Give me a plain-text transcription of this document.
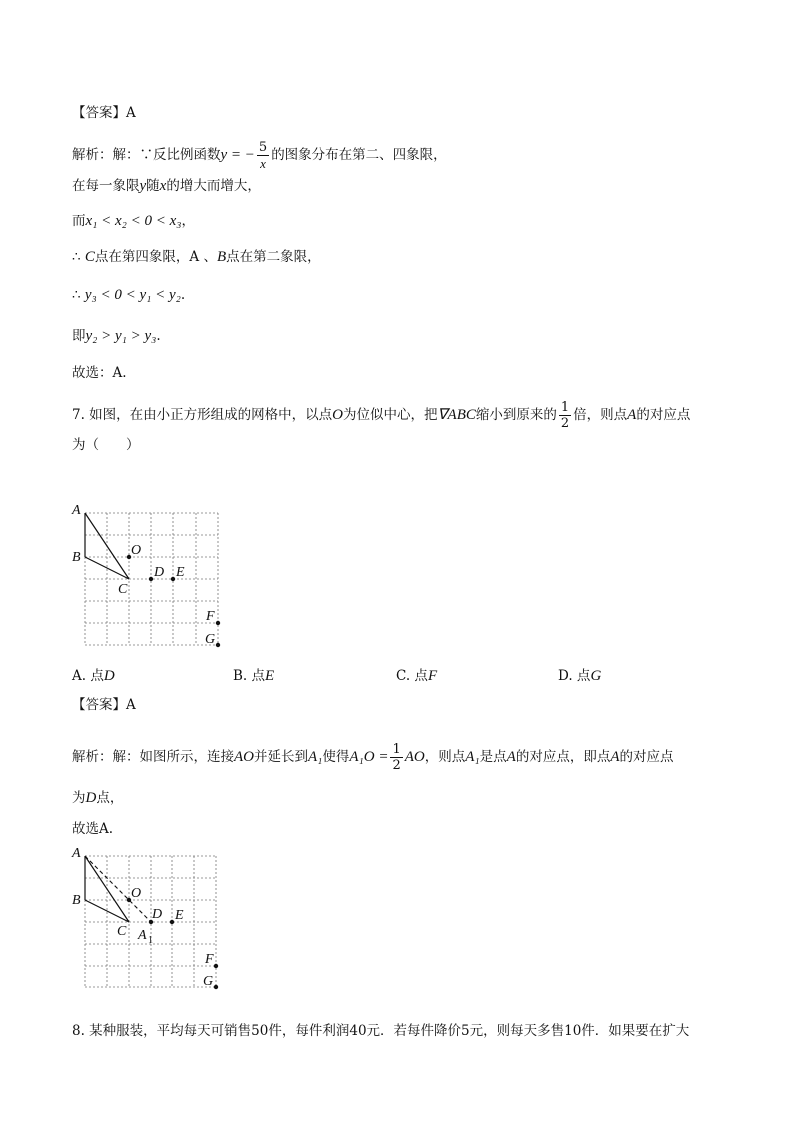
【答案】A
解析：解：∵反比例函数y = − $\frac{5}{x}$ 的图象分布在第二、四象限，
在每一象限y随x的增大而增大，
而x₁ < x₂ < 0 < x₃，
∴ C点在第四象限，A 、B点在第二象限，
∴ y₃ < 0 < y₁ < y₂.
即y₂ > y₁ > y₃.
故选：A.
7. 如图，在由小正方形组成的网格中，以点O为位似中心，把∇ABC缩小到原来的 $\frac{1}{2}$ 倍，则点A的对应点
为（　　）
A
B
C
O
D E
F
G
A. 点D	B. 点E	C. 点F	D. 点G
【答案】A
解析：解：如图所示，连接AO并延长到A₁使得$A_1O = \frac{1}{2}$ AO，则点A₁是点A的对应点，即点A的对应点
为D点，
故选A.
A
B
C
O
D E
A 1
F
G
8. 某种服装，平均每天可销售50件，每件利润40元．若每件降价5元，则每天多售10件．如果要在扩大
